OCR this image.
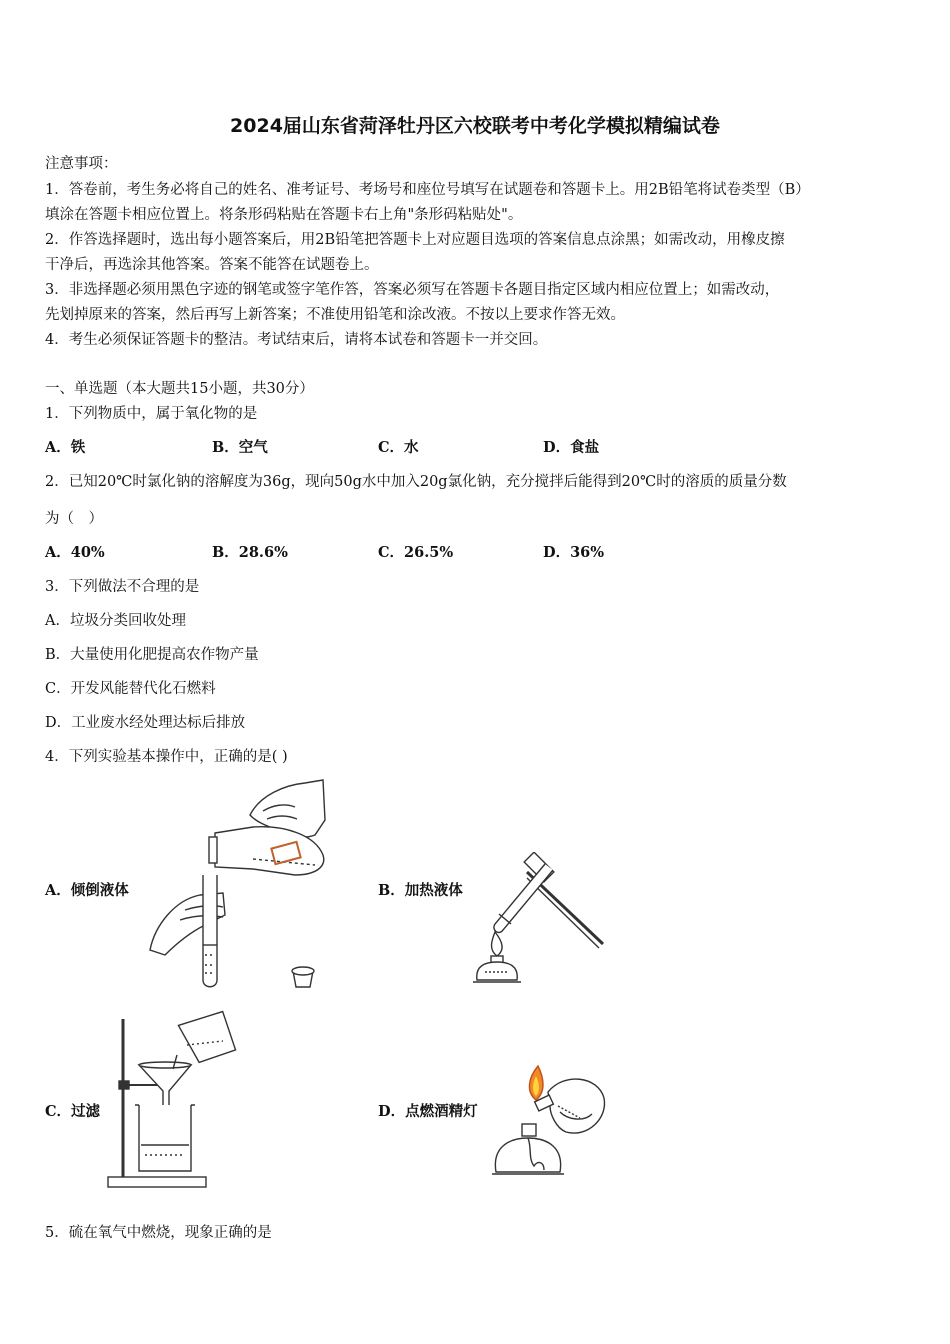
2024届山东省菏泽牡丹区六校联考中考化学模拟精编试卷
注意事项：
1．答卷前，考生务必将自己的姓名、准考证号、考场号和座位号填写在试题卷和答题卡上。用2B铅笔将试卷类型（B）
填涂在答题卡相应位置上。将条形码粘贴在答题卡右上角"条形码粘贴处"。
2．作答选择题时，选出每小题答案后，用2B铅笔把答题卡上对应题目选项的答案信息点涂黑；如需改动，用橡皮擦
干净后，再选涂其他答案。答案不能答在试题卷上。
3．非选择题必须用黑色字迹的钢笔或签字笔作答，答案必须写在答题卡各题目指定区域内相应位置上；如需改动，
先划掉原来的答案，然后再写上新答案；不准使用铅笔和涂改液。不按以上要求作答无效。
4．考生必须保证答题卡的整洁。考试结束后，请将本试卷和答题卡一并交回。
一、单选题（本大题共15小题，共30分）
1．下列物质中，属于氧化物的是
A．铁	B．空气	C．水	D．食盐
2．已知20℃时氯化钠的溶解度为36g，现向50g水中加入20g氯化钠，充分搅拌后能得到20℃时的溶质的质量分数
为（　）
A．40%	B．28.6%	C．26.5%	D．36%
3．下列做法不合理的是
A．垃圾分类回收处理
B．大量使用化肥提高农作物产量
C．开发风能替代化石燃料
D．工业废水经处理达标后排放
4．下列实验基本操作中，正确的是( )
A．倾倒液体	B．加热液体
C．过滤	D．点燃酒精灯
5．硫在氧气中燃烧，现象正确的是
